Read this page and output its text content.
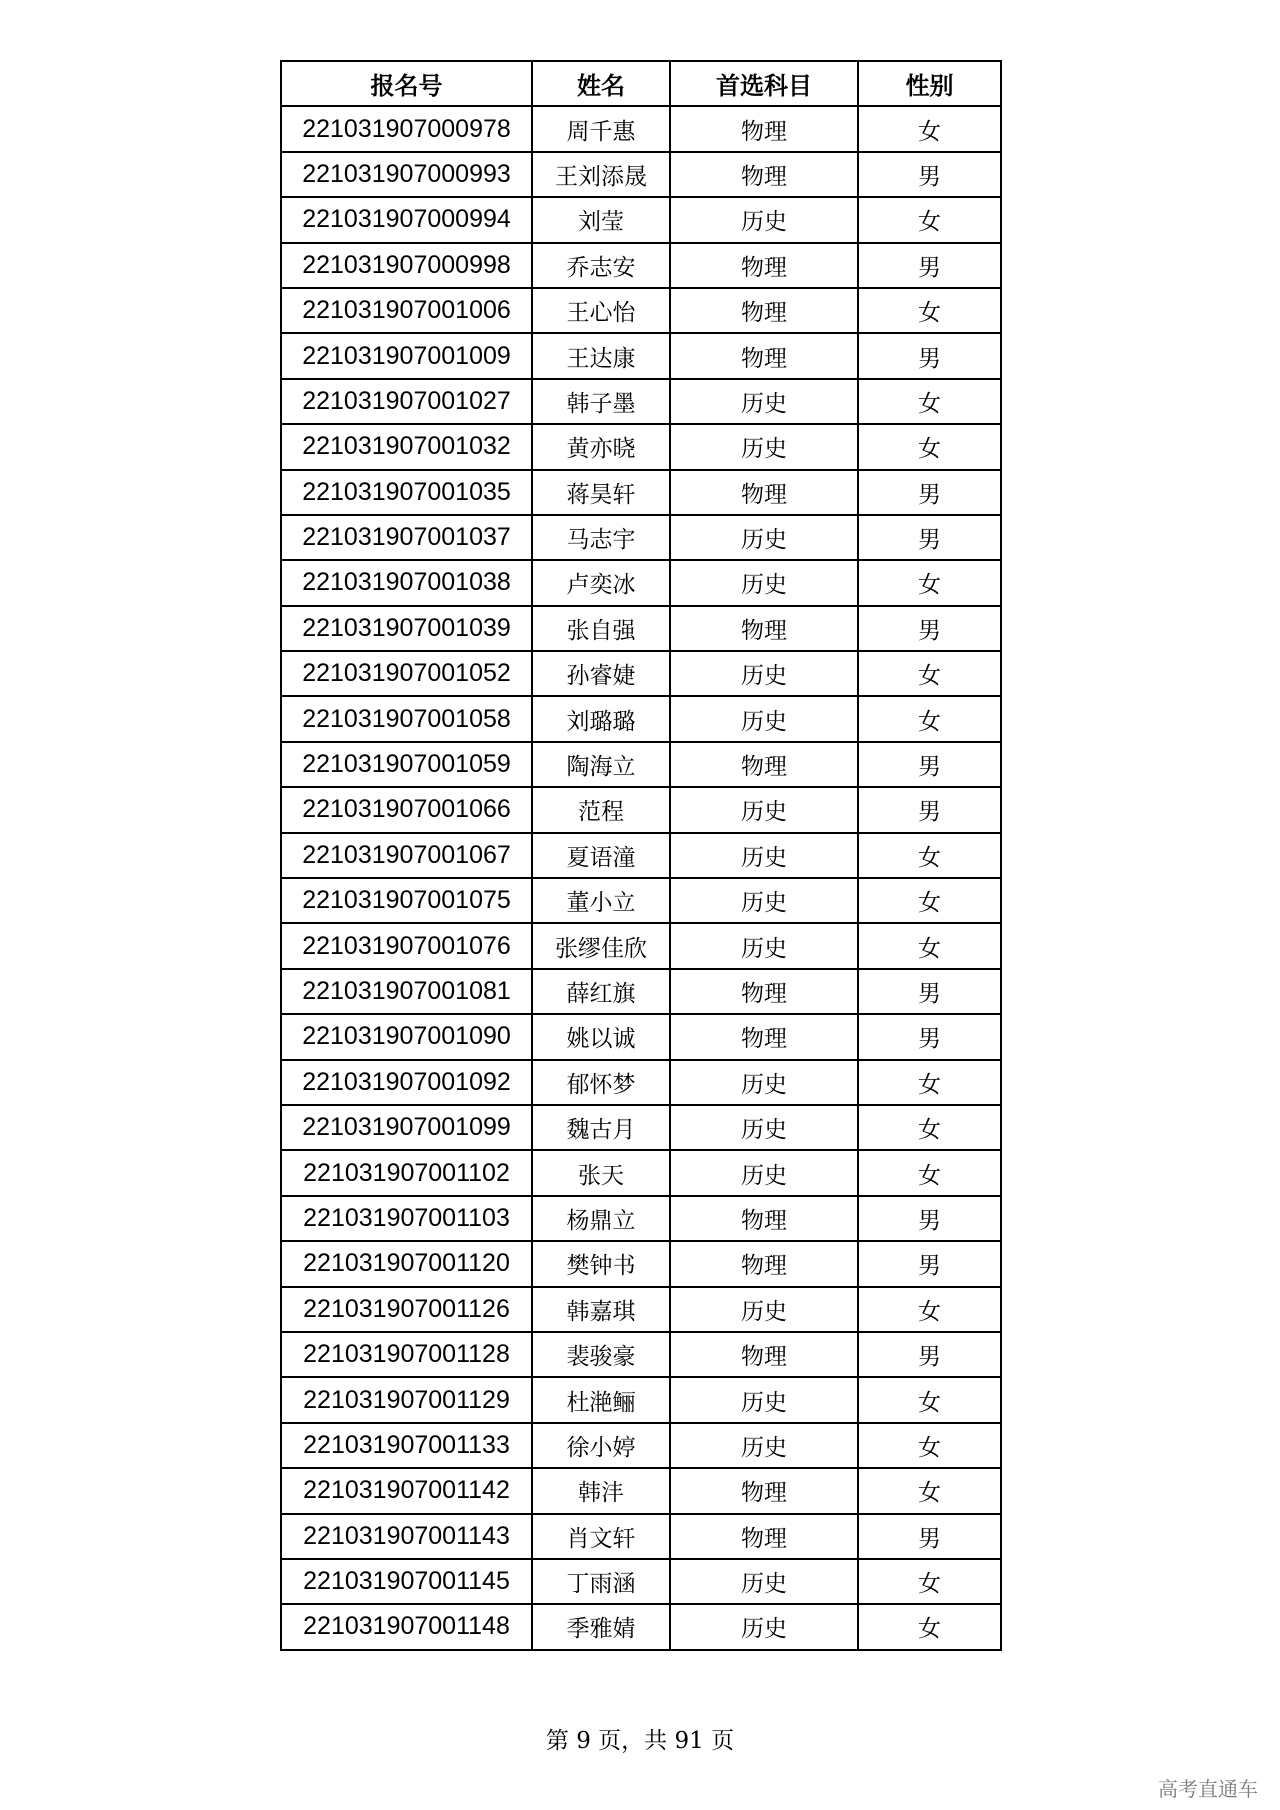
报名号	姓名	首选科目	性别
221031907000978	周千惠	物理	女
221031907000993	王刘添晟	物理	男
221031907000994	刘莹	历史	女
221031907000998	乔志安	物理	男
221031907001006	王心怡	物理	女
221031907001009	王达康	物理	男
221031907001027	韩子墨	历史	女
221031907001032	黄亦晓	历史	女
221031907001035	蒋昊轩	物理	男
221031907001037	马志宇	历史	男
221031907001038	卢奕冰	历史	女
221031907001039	张自强	物理	男
221031907001052	孙睿婕	历史	女
221031907001058	刘璐璐	历史	女
221031907001059	陶海立	物理	男
221031907001066	范程	历史	男
221031907001067	夏语潼	历史	女
221031907001075	董小立	历史	女
221031907001076	张缪佳欣	历史	女
221031907001081	薛红旗	物理	男
221031907001090	姚以诚	物理	男
221031907001092	郁怀梦	历史	女
221031907001099	魏古月	历史	女
221031907001102	张天	历史	女
221031907001103	杨鼎立	物理	男
221031907001120	樊钟书	物理	男
221031907001126	韩嘉琪	历史	女
221031907001128	裴骏豪	物理	男
221031907001129	杜滟鲡	历史	女
221031907001133	徐小婷	历史	女
221031907001142	韩沣	物理	女
221031907001143	肖文轩	物理	男
221031907001145	丁雨涵	历史	女
221031907001148	季雅婧	历史	女
第 9 页，共 91 页
高考直通车
